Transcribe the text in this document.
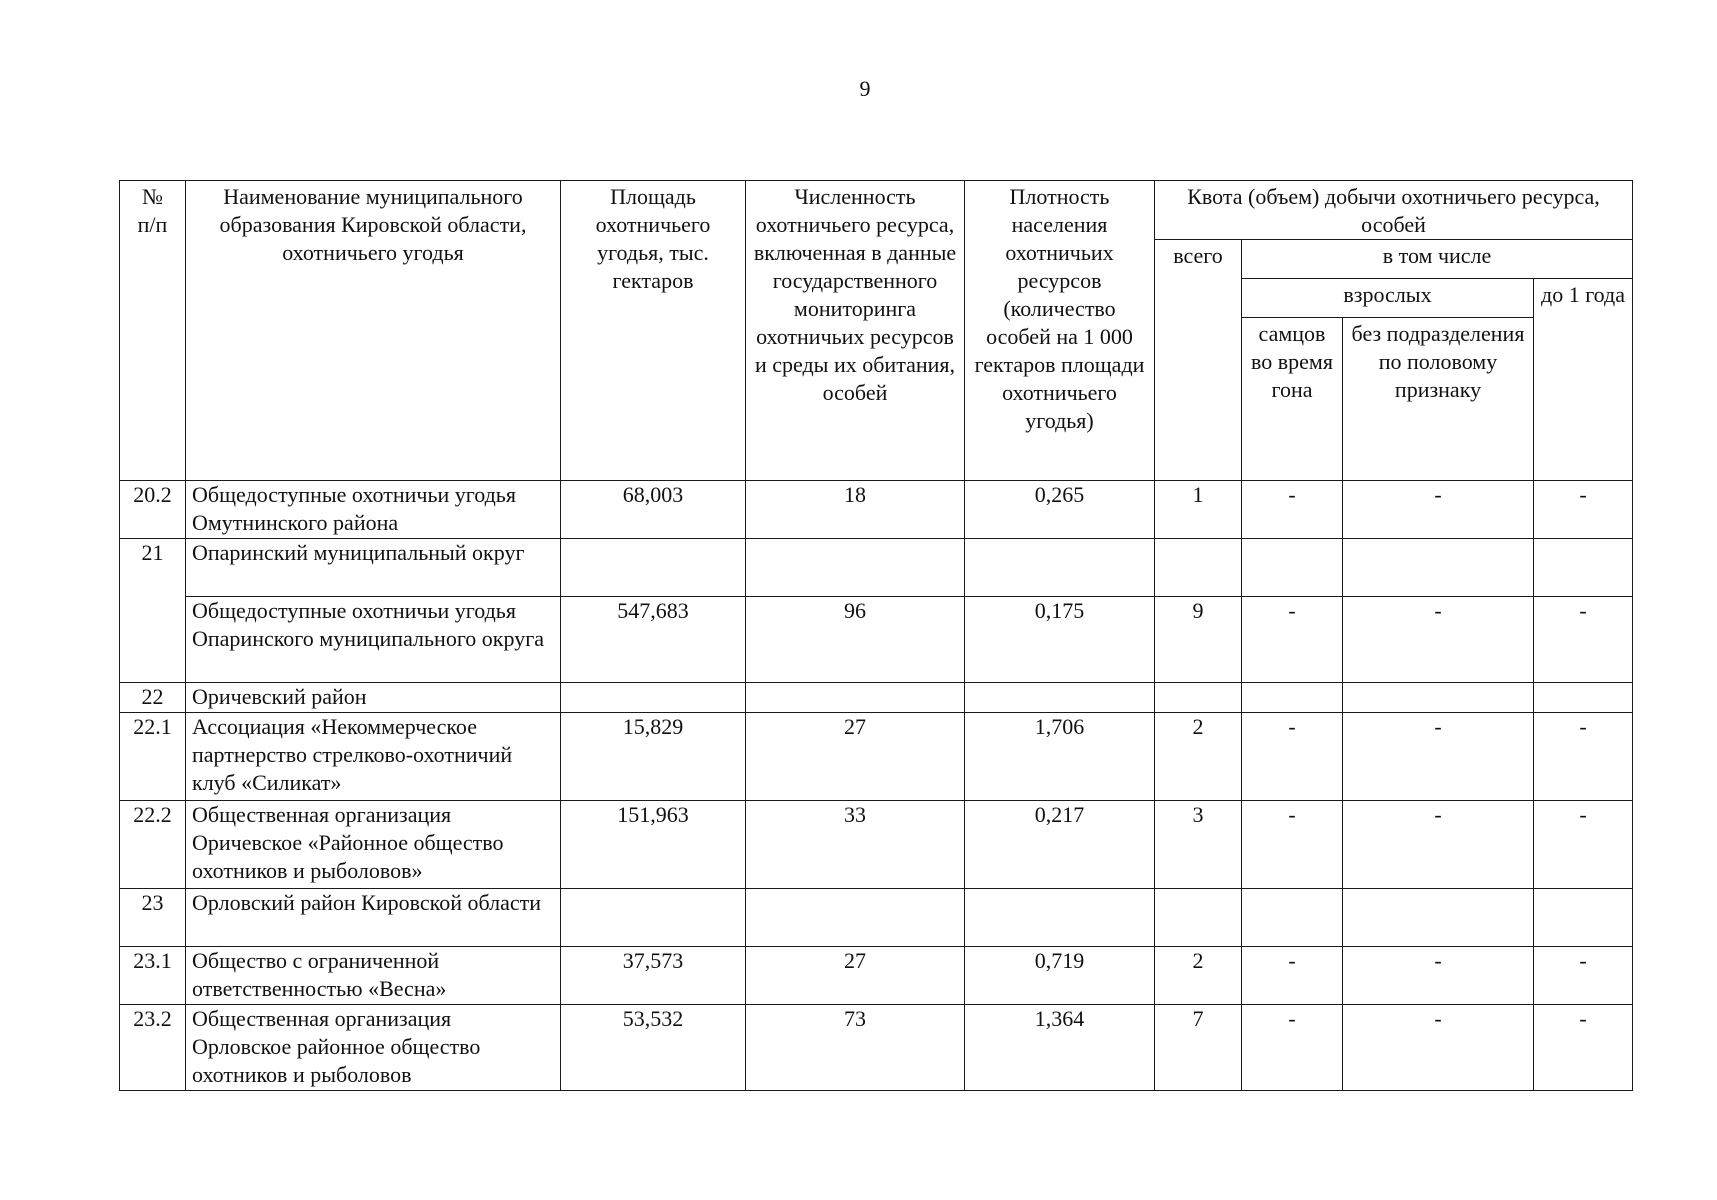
9
№
п/п	Наименование муниципального образования Кировской области, охотничьего угодья	Площадь охотничьего угодья, тыс. гектаров	Численность охотничьего ресурса, включенная в данные государственного мониторинга охотничьих ресурсов и среды их обитания, особей	Плотность населения охотничьих ресурсов (количество особей на 1 000 гектаров площади охотничьего угодья)	Квота (объем) добычи охотничьего ресурса, особей			
					всего	в том числе		
						взрослых		до 1 года
						самцов во время гона	без подразделения по половому признаку	
20.2	Общедоступные охотничьи угодья Омутнинского района	68,003	18	0,265	1	-	-	-
21	Опаринский муниципальный округ							
	Общедоступные охотничьи угодья Опаринского муниципального округа	547,683	96	0,175	9	-	-	-
22	Оричевский район							
22.1	Ассоциация «Некоммерческое партнерство стрелково-охотничий клуб «Силикат»	15,829	27	1,706	2	-	-	-
22.2	Общественная организация Оричевское «Районное общество охотников и рыболовов»	151,963	33	0,217	3	-	-	-
23	Орловский район Кировской области							
23.1	Общество с ограниченной ответственностью «Весна»	37,573	27	0,719	2	-	-	-
23.2	Общественная организация Орловское районное общество охотников и рыболовов	53,532	73	1,364	7	-	-	-
